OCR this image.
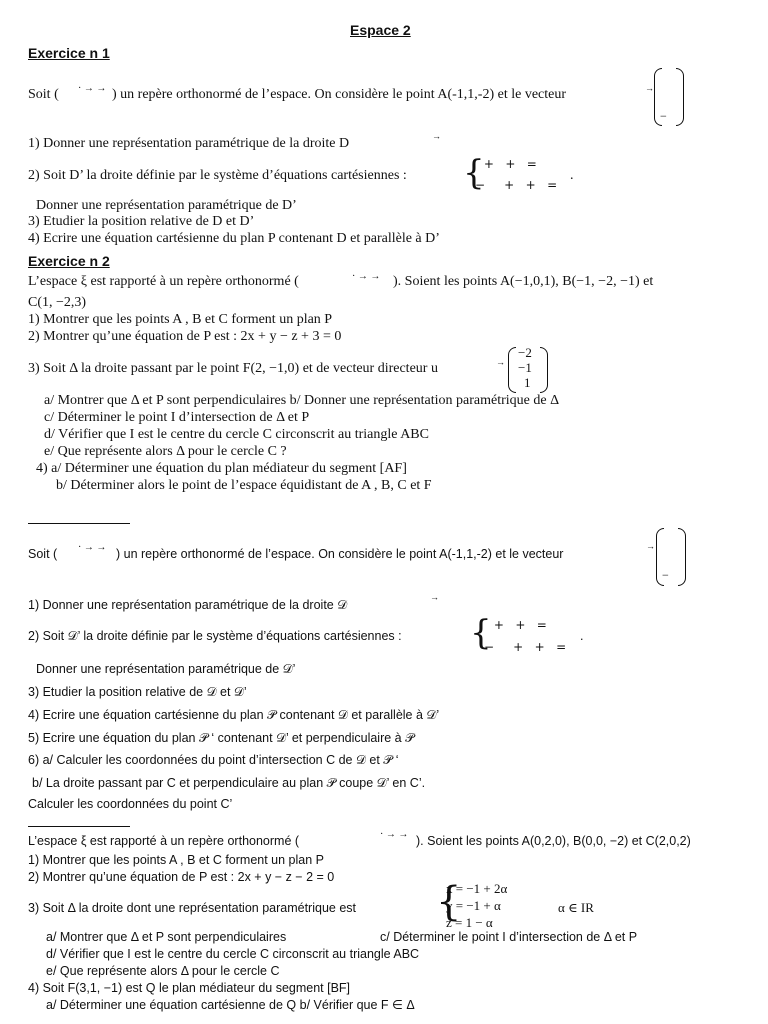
Espace 2
Exercice n 1
Soit ( · → → ) un repère orthonormé de l’espace. On considère le point A(-1,1,-2) et le vecteur	→
−
1) Donner une représentation paramétrique de la droite D	→
2) Soit D’ la droite définie par le système d’équations cartésiennes : {
+   +   =
−     +   +   =
.
Donner une représentation paramétrique de D’
3) Etudier la position relative de D et D’
4) Ecrire une équation cartésienne du plan P contenant D et parallèle à D’
Exercice n 2
L’espace ξ est rapporté à un repère orthonormé (	· → → ). Soient les points A(−1,0,1), B(−1, −2, −1) et
C(1, −2,3)
1) Montrer que les points A , B et C forment un plan P
2) Montrer qu’une équation de P est : 2x + y − z + 3 = 0
3) Soit Δ la droite passant par le point F(2, −1,0) et de vecteur directeur u	→
−2
−1
1
a/ Montrer que Δ et P sont perpendiculaires b/ Donner une représentation paramétrique de Δ
c/ Déterminer le point I d’intersection de Δ et P
d/ Vérifier que I est le centre du cercle C circonscrit au triangle ABC
e/ Que représente alors Δ pour le cercle C ?
4) a/ Déterminer une équation du plan médiateur du segment [AF]
b/ Déterminer alors le point de l’espace équidistant de A , B, C et F
Soit ( · → → ) un repère orthonormé de l’espace. On considère le point A(-1,1,-2) et le vecteur
→
−
1) Donner une représentation paramétrique de la droite 𝒟
→
2) Soit 𝒟’ la droite définie par le système d’équations cartésiennes : {
+   +   =
−     +   +   =
.
Donner une représentation paramétrique de 𝒟’
3) Etudier la position relative de 𝒟 et 𝒟’
4) Ecrire une équation cartésienne du plan 𝒫 contenant 𝒟 et parallèle à 𝒟’
5) Ecrire une équation du plan 𝒫 ‘ contenant 𝒟’ et perpendiculaire à 𝒫
6) a/ Calculer les coordonnées du point d’intersection C de 𝒟 et 𝒫 ‘
b/ La droite passant par C et perpendiculaire au plan 𝒫 coupe 𝒟’ en C’.
Calculer les coordonnées du point C’
L’espace ξ est rapporté à un repère orthonormé (	· → → ). Soient les points A(0,2,0), B(0,0, −2) et C(2,0,2)
1) Montrer que les points A , B et C forment un plan P
2) Montrer qu’une équation de P est : 2x + y − z − 2 = 0
3) Soit Δ la droite dont une représentation paramétrique est {
x = −1 + 2α
y = −1 + α
z = 1 − α
α ∈ IR
a/ Montrer que Δ et P sont perpendiculaires	c/ Déterminer le point I d’intersection de Δ et P
d/ Vérifier que I est le centre du cercle C circonscrit au triangle ABC
e/ Que représente alors Δ pour le cercle C
4) Soit F(3,1, −1) est Q le plan médiateur du segment [BF]
a/ Déterminer une équation cartésienne de Q b/ Vérifier que F ∈ Δ
